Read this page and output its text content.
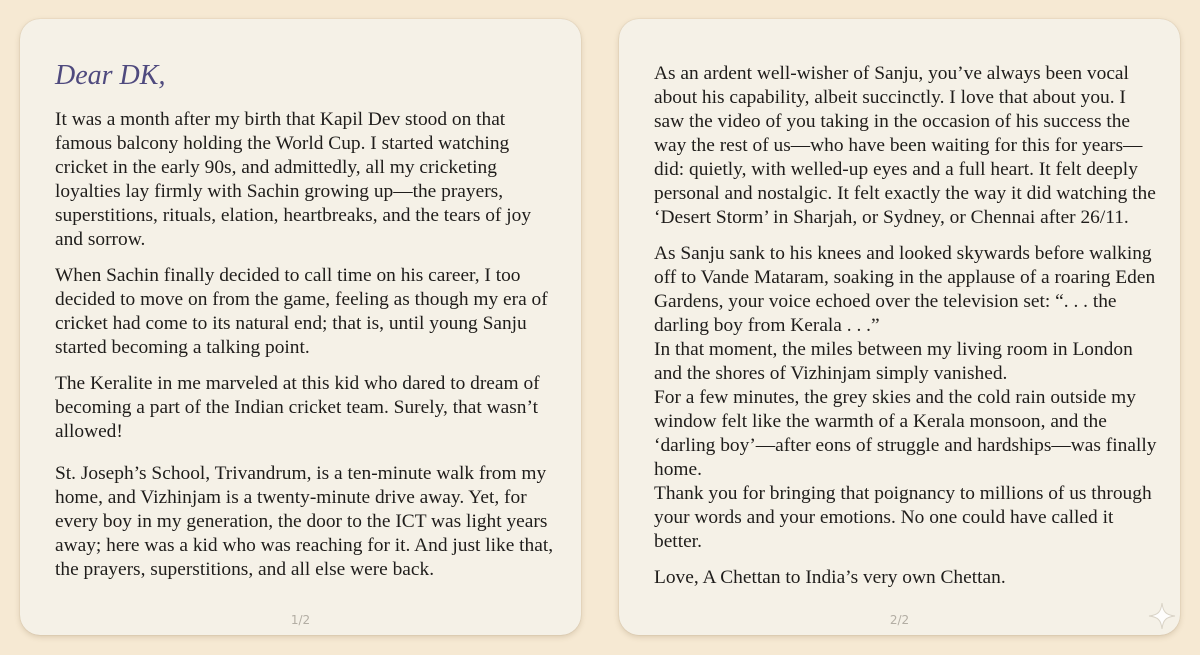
Dear DK,

It was a month after my birth that Kapil Dev stood on that famous balcony holding the World Cup. I started watching cricket in the early 90s, and admittedly, all my cricketing loyalties lay firmly with Sachin growing up—the prayers, superstitions, rituals, elation, heartbreaks, and the tears of joy and sorrow.

When Sachin finally decided to call time on his career, I too decided to move on from the game, feeling as though my era of cricket had come to its natural end; that is, until young Sanju started becoming a talking point.

The Keralite in me marveled at this kid who dared to dream of becoming a part of the Indian cricket team. Surely, that wasn’t allowed!

St. Joseph’s School, Trivandrum, is a ten-minute walk from my home, and Vizhinjam is a twenty-minute drive away. Yet, for every boy in my generation, the door to the ICT was light years away; here was a kid who was reaching for it. And just like that, the prayers, superstitions, and all else were back.

1/2

As an ardent well-wisher of Sanju, you’ve always been vocal about his capability, albeit succinctly. I love that about you. I saw the video of you taking in the occasion of his success the way the rest of us—who have been waiting for this for years—did: quietly, with welled-up eyes and a full heart. It felt deeply personal and nostalgic. It felt exactly the way it did watching the ‘Desert Storm’ in Sharjah, or Sydney, or Chennai after 26/11.

As Sanju sank to his knees and looked skywards before walking off to Vande Mataram, soaking in the applause of a roaring Eden Gardens, your voice echoed over the television set: “. . . the darling boy from Kerala . . .”

In that moment, the miles between my living room in London and the shores of Vizhinjam simply vanished.

For a few minutes, the grey skies and the cold rain outside my window felt like the warmth of a Kerala monsoon, and the ‘darling boy’—after eons of struggle and hardships—was finally home.

Thank you for bringing that poignancy to millions of us through your words and your emotions. No one could have called it better.

Love, A Chettan to India’s very own Chettan.

2/2
